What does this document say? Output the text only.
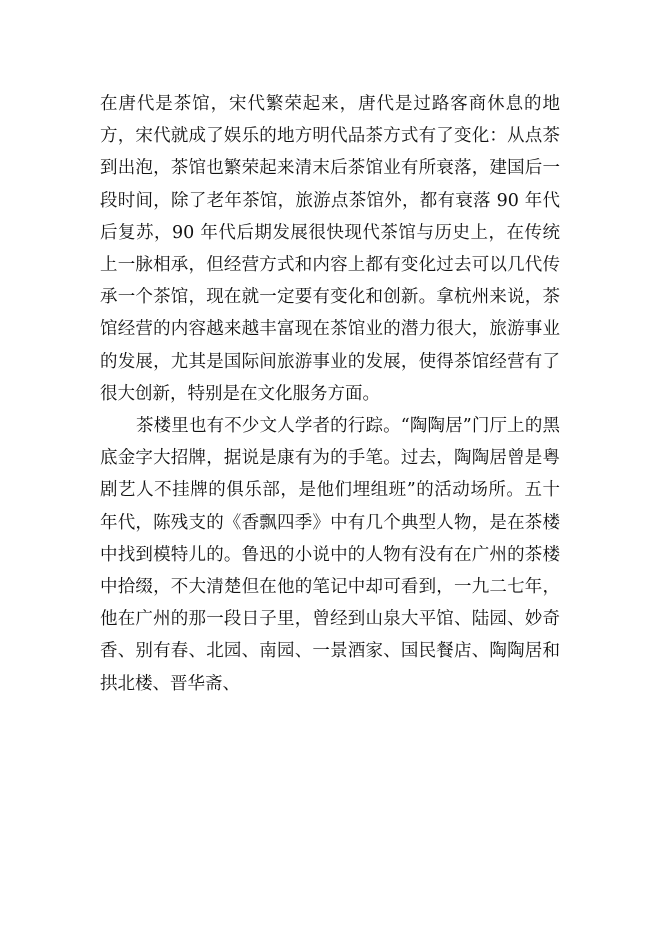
在唐代是茶馆，宋代繁荣起来，唐代是过路客商休息的地方，宋代就成了娱乐的地方明代品茶方式有了变化：从点茶到出泡，茶馆也繁荣起来清末后茶馆业有所衰落，建国后一段时间，除了老年茶馆，旅游点茶馆外，都有衰落 90 年代后复苏，90 年代后期发展很快现代茶馆与历史上，在传统上一脉相承，但经营方式和内容上都有变化过去可以几代传承一个茶馆，现在就一定要有变化和创新。拿杭州来说，茶馆经营的内容越来越丰富现在茶馆业的潜力很大，旅游事业的发展，尤其是国际间旅游事业的发展，使得茶馆经营有了很大创新，特别是在文化服务方面。

茶楼里也有不少文人学者的行踪。“陶陶居”门厅上的黑底金字大招牌，据说是康有为的手笔。过去，陶陶居曾是粤剧艺人不挂牌的俱乐部，是他们埋组班”的活动场所。五十年代，陈残支的《香飘四季》中有几个典型人物，是在茶楼中找到模特儿的。鲁迅的小说中的人物有没有在广州的茶楼中拾缀，不大清楚但在他的笔记中却可看到，一九二七年，他在广州的那一段日子里，曾经到山泉大平馆、陆园、妙奇香、别有春、北园、南园、一景酒家、国民餐店、陶陶居和拱北楼、晋华斋、
